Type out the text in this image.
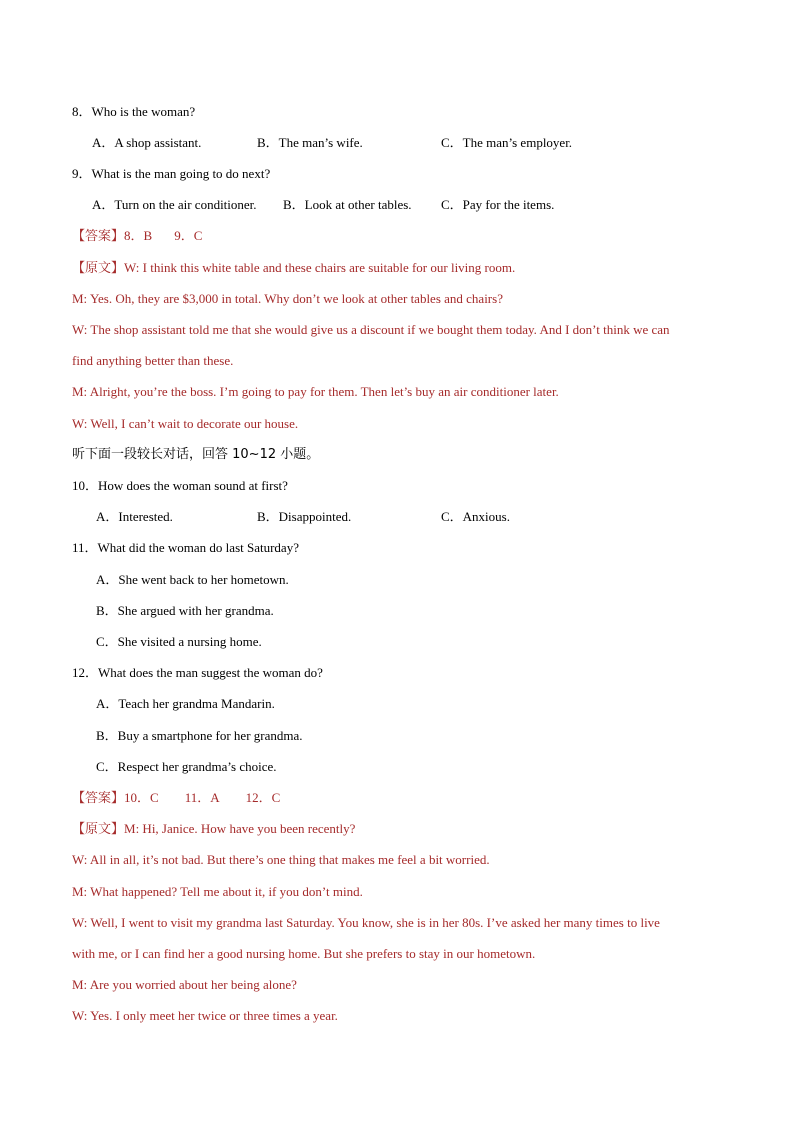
8．Who is the woman?
A．A shop assistant.	B．The man’s wife.	C．The man’s employer.
9．What is the man going to do next?
A．Turn on the air conditioner. B．Look at other tables. C．Pay for the items.
【答案】8．B 9．C
【原文】W: I think this white table and these chairs are suitable for our living room.
M: Yes. Oh, they are $3,000 in total. Why don’t we look at other tables and chairs?
W: The shop assistant told me that she would give us a discount if we bought them today. And I don’t think we can
find anything better than these.
M: Alright, you’re the boss. I’m going to pay for them. Then let’s buy an air conditioner later.
W: Well, I can’t wait to decorate our house.
听下面一段较长对话，回答 10~12 小题。
10．How does the woman sound at first?
A．Interested.	B．Disappointed.	C．Anxious.
11．What did the woman do last Saturday?
A．She went back to her hometown.
B．She argued with her grandma.
C．She visited a nursing home.
12．What does the man suggest the woman do?
A．Teach her grandma Mandarin.
B．Buy a smartphone for her grandma.
C．Respect her grandma’s choice.
【答案】10．C 11．A 12．C
【原文】M: Hi, Janice. How have you been recently?
W: All in all, it’s not bad. But there’s one thing that makes me feel a bit worried.
M: What happened? Tell me about it, if you don’t mind.
W: Well, I went to visit my grandma last Saturday. You know, she is in her 80s. I’ve asked her many times to live
with me, or I can find her a good nursing home. But she prefers to stay in our hometown.
M: Are you worried about her being alone?
W: Yes. I only meet her twice or three times a year.
